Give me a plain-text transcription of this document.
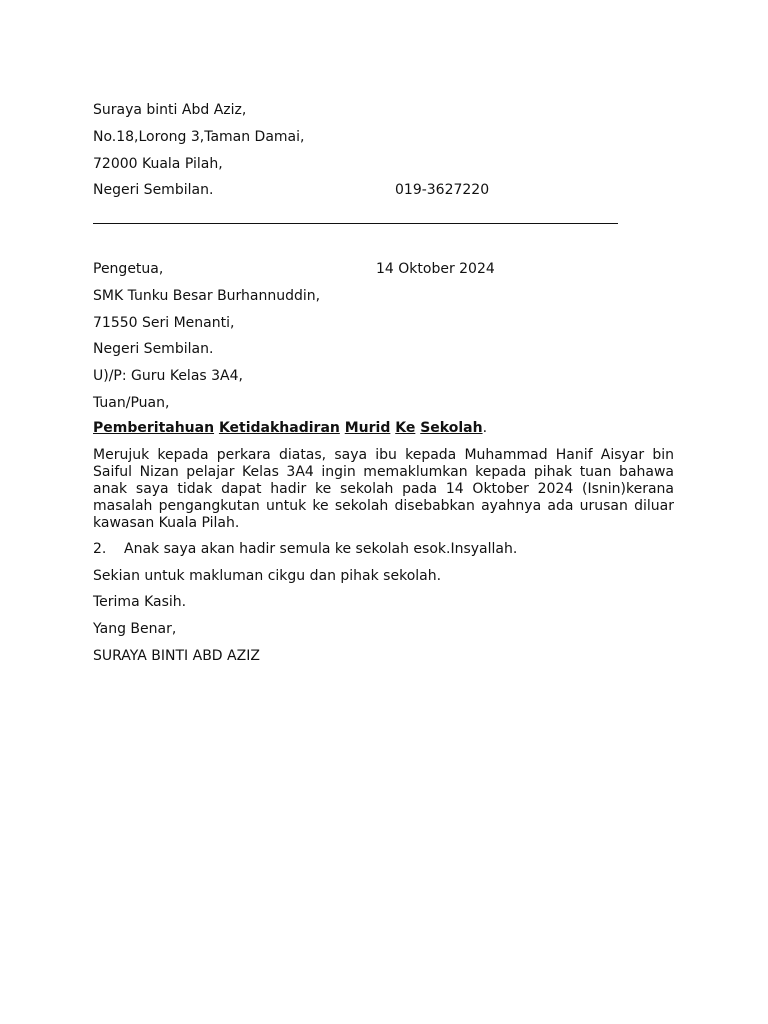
Suraya binti Abd Aziz,
No.18,Lorong 3,Taman Damai,
72000 Kuala Pilah,
Negeri Sembilan.	019-3627220
Pengetua,	14 Oktober 2024
SMK Tunku Besar Burhannuddin,
71550 Seri Menanti,
Negeri Sembilan.
U)/P: Guru Kelas 3A4,
Tuan/Puan,
Pemberitahuan Ketidakhadiran Murid Ke Sekolah.
Merujuk kepada perkara diatas, saya ibu kepada Muhammad Hanif Aisyar bin Saiful Nizan pelajar Kelas 3A4 ingin memaklumkan kepada pihak tuan bahawa anak saya tidak dapat hadir ke sekolah pada 14 Oktober 2024 (Isnin)kerana masalah pengangkutan untuk ke sekolah disebabkan ayahnya ada urusan diluar kawasan Kuala Pilah.
2. Anak saya akan hadir semula ke sekolah esok.Insyallah.
Sekian untuk makluman cikgu dan pihak sekolah.
Terima Kasih.
Yang Benar,
SURAYA BINTI ABD AZIZ
